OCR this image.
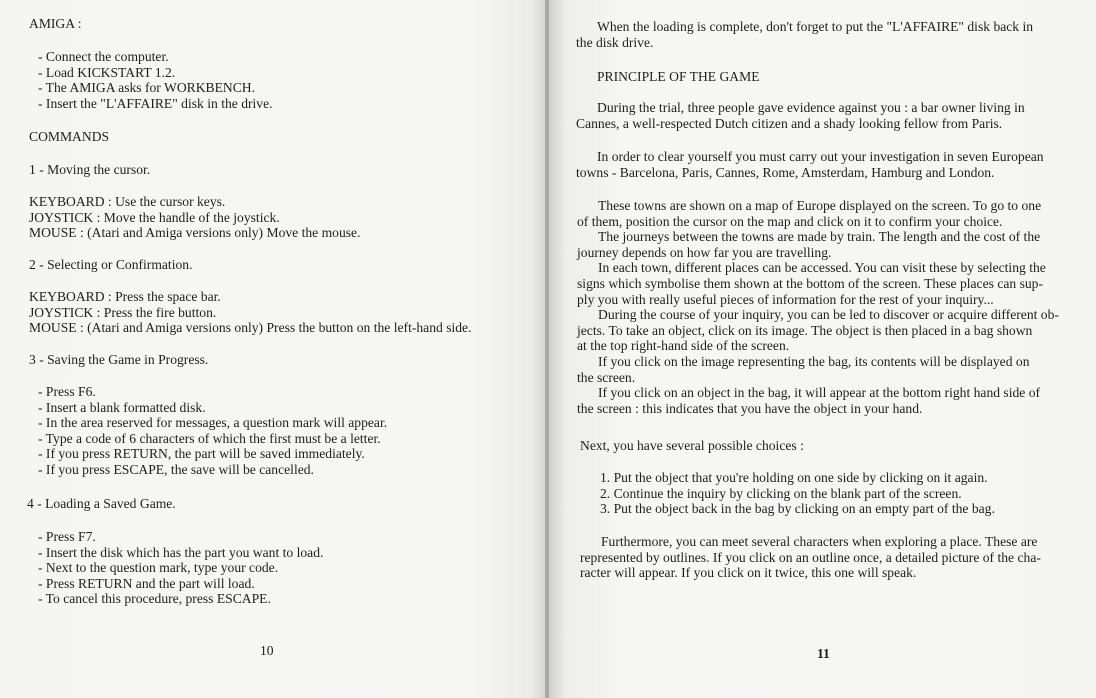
AMIGA :

- Connect the computer.

- Load KICKSTART 1.2.

- The AMIGA asks for WORKBENCH.

- Insert the "L'AFFAIRE" disk in the drive.

COMMANDS

1 - Moving the cursor.

KEYBOARD : Use the cursor keys.

JOYSTICK : Move the handle of the joystick.

MOUSE : (Atari and Amiga versions only) Move the mouse.

2 - Selecting or Confirmation.

KEYBOARD : Press the space bar.

JOYSTICK : Press the fire button.

MOUSE : (Atari and Amiga versions only) Press the button on the left-hand side.

3 - Saving the Game in Progress.

- Press F6.

- Insert a blank formatted disk.

- In the area reserved for messages, a question mark will appear.

- Type a code of 6 characters of which the first must be a letter.

- If you press RETURN, the part will be saved immediately.

- If you press ESCAPE, the save will be cancelled.

4 - Loading a Saved Game.

- Press F7.

- Insert the disk which has the part you want to load.

- Next to the question mark, type your code.

- Press RETURN and the part will load.

- To cancel this procedure, press ESCAPE.

10

When the loading is complete, don't forget to put the "L'AFFAIRE" disk back in

the disk drive.

PRINCIPLE OF THE GAME

During the trial, three people gave evidence against you : a bar owner living in

Cannes, a well-respected Dutch citizen and a shady looking fellow from Paris.

In order to clear yourself you must carry out your investigation in seven European

towns - Barcelona, Paris, Cannes, Rome, Amsterdam, Hamburg and London.

These towns are shown on a map of Europe displayed on the screen. To go to one

of them, position the cursor on the map and click on it to confirm your choice.

The journeys between the towns are made by train. The length and the cost of the

journey depends on how far you are travelling.

In each town, different places can be accessed. You can visit these by selecting the

signs which symbolise them shown at the bottom of the screen. These places can sup-

ply you with really useful pieces of information for the rest of your inquiry...

During the course of your inquiry, you can be led to discover or acquire different ob-

jects. To take an object, click on its image. The object is then placed in a bag shown

at the top right-hand side of the screen.

If you click on the image representing the bag, its contents will be displayed on

the screen.

If you click on an object in the bag, it will appear at the bottom right hand side of

the screen : this indicates that you have the object in your hand.

Next, you have several possible choices :

1. Put the object that you're holding on one side by clicking on it again.

2. Continue the inquiry by clicking on the blank part of the screen.

3. Put the object back in the bag by clicking on an empty part of the bag.

Furthermore, you can meet several characters when exploring a place. These are

represented by outlines. If you click on an outline once, a detailed picture of the cha-

racter will appear. If you click on it twice, this one will speak.

11
